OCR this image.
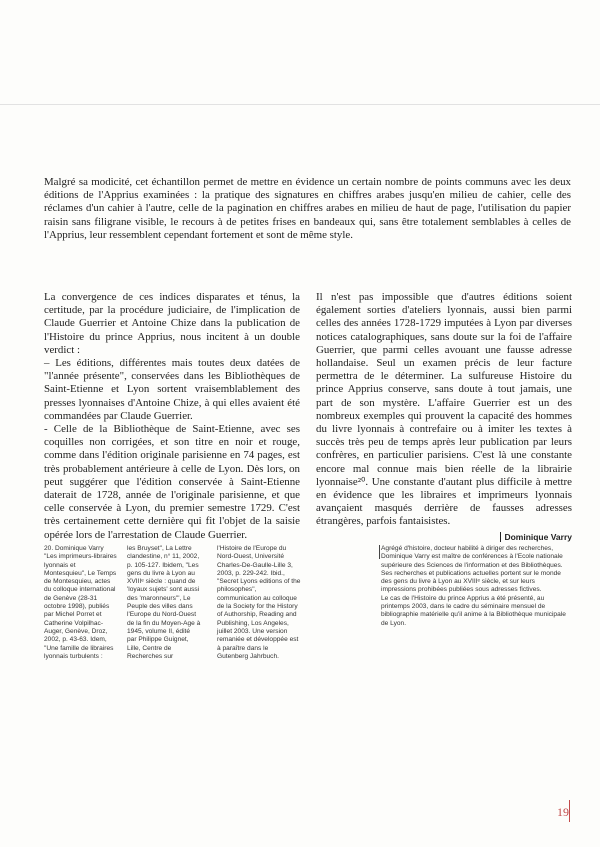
Malgré sa modicité, cet échantillon permet de mettre en évidence un certain nombre de points communs avec les deux éditions de l'Apprius examinées : la pratique des signatures en chiffres arabes jusqu'en milieu de cahier, celle des réclames d'un cahier à l'autre, celle de la pagination en chiffres arabes en milieu de haut de page, l'utilisation du papier raisin sans filigrane visible, le recours à de petites frises en bandeaux qui, sans être totalement semblables à celles de l'Apprius, leur ressemblent cependant fortement et sont de même style.

La convergence de ces indices disparates et ténus, la certitude, par la procédure judiciaire, de l'implication de Claude Guerrier et Antoine Chize dans la publication de l'Histoire du prince Apprius, nous incitent à un double verdict :

– Les éditions, différentes mais toutes deux datées de "l'année présente", conservées dans les Bibliothèques de Saint-Etienne et Lyon sortent vraisemblablement des presses lyonnaises d'Antoine Chize, à qui elles avaient été commandées par Claude Guerrier.

- Celle de la Bibliothèque de Saint-Etienne, avec ses coquilles non corrigées, et son titre en noir et rouge, comme dans l'édition originale parisienne en 74 pages, est très probablement antérieure à celle de Lyon. Dès lors, on peut suggérer que l'édition conservée à Saint-Etienne daterait de 1728, année de l'originale parisienne, et que celle conservée à Lyon, du premier semestre 1729. C'est très certainement cette dernière qui fit l'objet de la saisie opérée lors de l'arrestation de Claude Guerrier.

Il n'est pas impossible que d'autres éditions soient également sorties d'ateliers lyonnais, aussi bien parmi celles des années 1728-1729 imputées à Lyon par diverses notices catalographiques, sans doute sur la foi de l'affaire Guerrier, que parmi celles avouant une fausse adresse hollandaise. Seul un examen précis de leur facture permettra de le déterminer. La sulfureuse Histoire du prince Apprius conserve, sans doute à tout jamais, une part de son mystère. L'affaire Guerrier est un des nombreux exemples qui prouvent la capacité des hommes du livre lyonnais à contrefaire ou à imiter les textes à succès très peu de temps après leur publication par leurs confrères, en particulier parisiens. C'est là une constante encore mal connue mais bien réelle de la librairie lyonnaise²⁰. Une constante d'autant plus difficile à mettre en évidence que les libraires et imprimeurs lyonnais avançaient masqués derrière de fausses adresses étrangères, parfois fantaisistes.

Dominique Varry
20. Dominique Varry "Les imprimeurs-libraires lyonnais et Montesquieu", Le Temps de Montesquieu, actes du colloque international de Genève (28-31 octobre 1998), publiés par Michel Porret et Catherine Volpilhac-Auger, Genève, Droz, 2002, p. 43-63. Idem, "Une famille de libraires lyonnais turbulents :
les Bruyset", La Lettre clandestine, n° 11, 2002, p. 105-127. Ibidem, "Les gens du livre à Lyon au XVIIIᵉ siècle : quand de 'loyaux sujets' sont aussi des 'maronneurs'", Le Peuple des villes dans l'Europe du Nord-Ouest de la fin du Moyen-Age à 1945, volume II, édité par Philippe Guignet, Lille, Centre de Recherches sur
l'Histoire de l'Europe du Nord-Ouest, Université Charles-De-Gaulle-Lille 3, 2003, p. 229-242. Ibid., "Secret Lyons editions of the philosophes", communication au colloque de la Society for the History of Authorship, Reading and Publishing, Los Angeles, juillet 2003. Une version remaniée et développée est à paraître dans le Gutenberg Jahrbuch.

Agrégé d'histoire, docteur habilité à diriger des recherches, Dominique Varry est maître de conférences à l'Ecole nationale supérieure des Sciences de l'information et des Bibliothèques. Ses recherches et publications actuelles portent sur le monde des gens du livre à Lyon au XVIIIᵉ siècle, et sur leurs impressions prohibées publiées sous adresses fictives.

Le cas de l'Histoire du prince Apprius a été présenté, au printemps 2003, dans le cadre du séminaire mensuel de bibliographie matérielle qu'il anime à la Bibliothèque municipale de Lyon.

19
